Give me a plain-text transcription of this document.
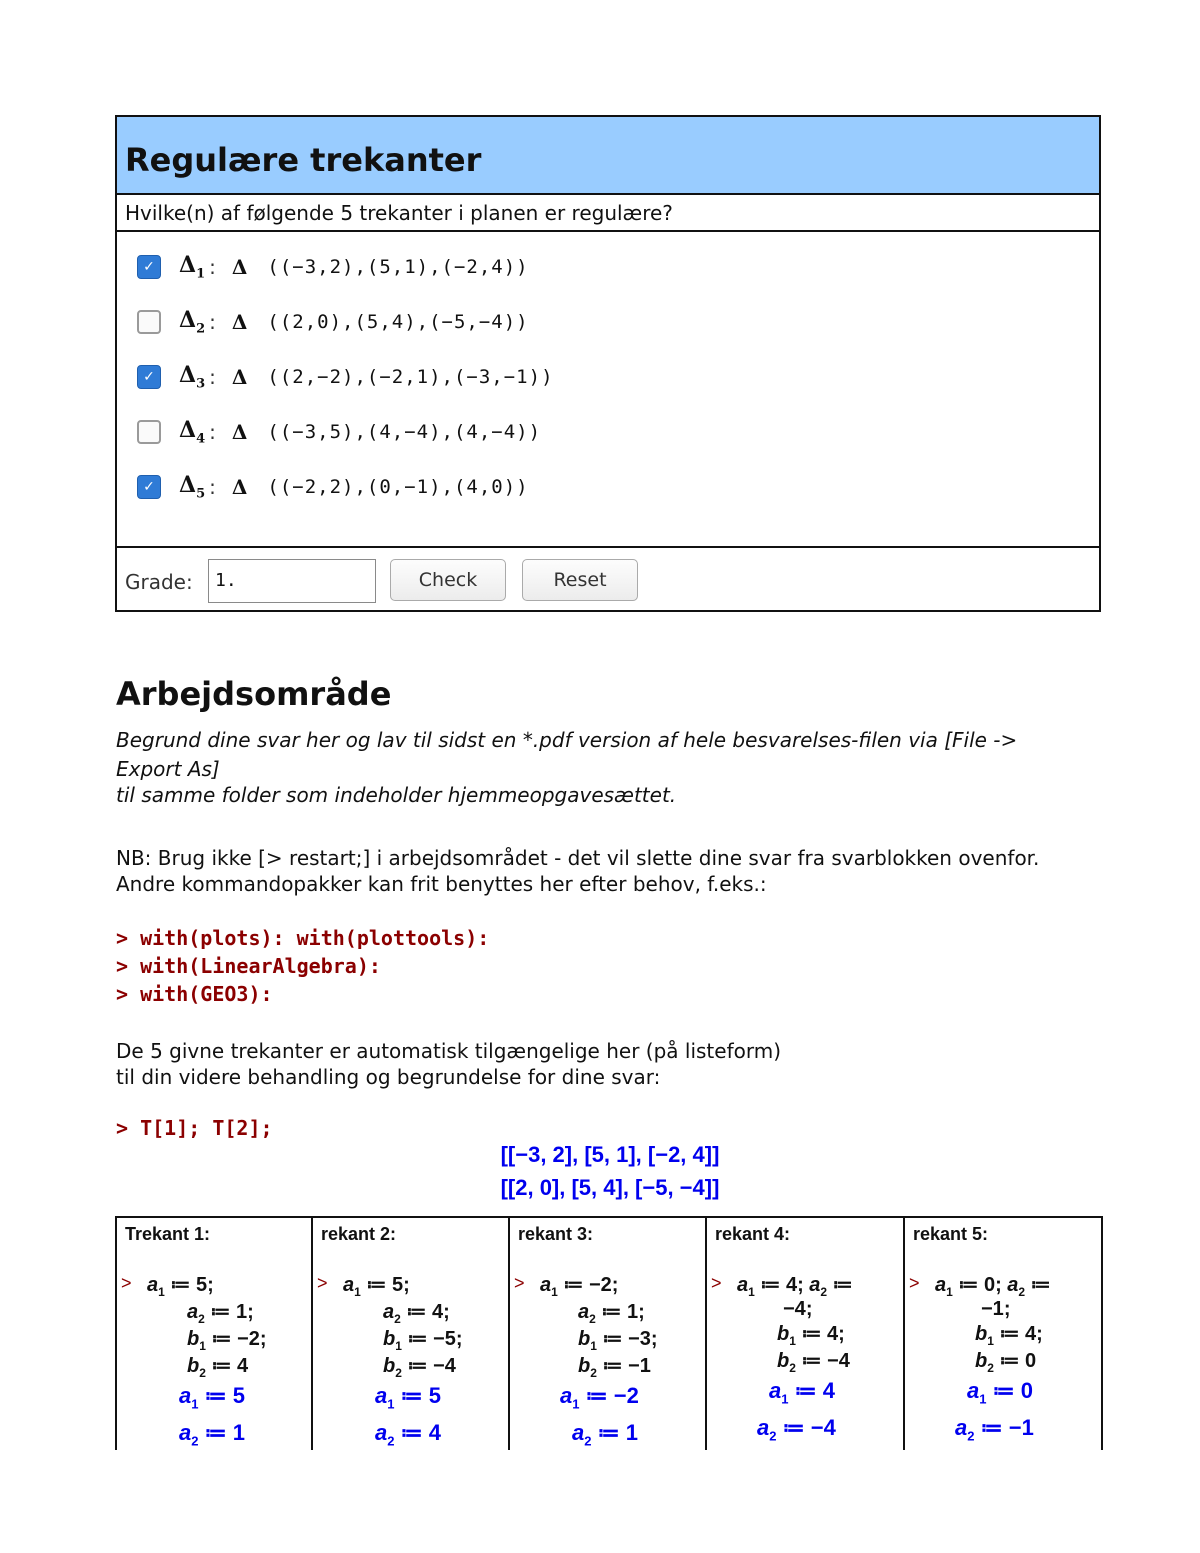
Regulære trekanter
Hvilke(n) af følgende 5 trekanter i planen er regulære?
✓ $\Delta_1$ : Δ ((−3,2),(5,1),(−2,4))
$\Delta_2$ : Δ ((2,0),(5,4),(−5,−4))
✓ $\Delta_3$ : Δ ((2,−2),(−2,1),(−3,−1))
$\Delta_4$ : Δ ((−3,5),(4,−4),(4,−4))
✓ $\Delta_5$ : Δ ((−2,2),(0,−1),(4,0))
Grade:	1.	Check	Reset
Arbejdsområde
Begrund dine svar her og lav til sidst en *.pdf version af hele besvarelses-filen via [File ->
Export As]
til samme folder som indeholder hjemmeopgavesættet.
NB: Brug ikke [> restart;] i arbejdsområdet - det vil slette dine svar fra svarblokken ovenfor.
Andre kommandopakker kan frit benyttes her efter behov, f.eks.:
> with(plots): with(plottools):
> with(LinearAlgebra):
> with(GEO3):
De 5 givne trekanter er automatisk tilgængelige her (på listeform)
til din videre behandling og begrundelse for dine svar:
> T[1]; T[2];
[[−3, 2], [5, 1], [−2, 4]]
[[2, 0], [5, 4], [−5, −4]]
Trekant 1:
> $a_1$ ≔ 5;
$a_2$ ≔ 1;
$b_1$ ≔ −2;
$b_2$ ≔ 4
$a_1$ ≔ 5
$a_2$ ≔ 1
rekant 2:
> $a_1$ ≔ 5;
$a_2$ ≔ 4;
$b_1$ ≔ −5;
$b_2$ ≔ −4
$a_1$ ≔ 5
$a_2$ ≔ 4
rekant 3:
> $a_1$ ≔ −2;
$a_2$ ≔ 1;
$b_1$ ≔ −3;
$b_2$ ≔ −1
$a_1$ ≔ −2
$a_2$ ≔ 1
rekant 4:
> $a_1$ ≔ 4; $a_2$ ≔
−4;
$b_1$ ≔ 4;
$b_2$ ≔ −4
$a_1$ ≔ 4
$a_2$ ≔ −4
rekant 5:
> $a_1$ ≔ 0; $a_2$ ≔
−1;
$b_1$ ≔ 4;
$b_2$ ≔ 0
$a_1$ ≔ 0
$a_2$ ≔ −1
